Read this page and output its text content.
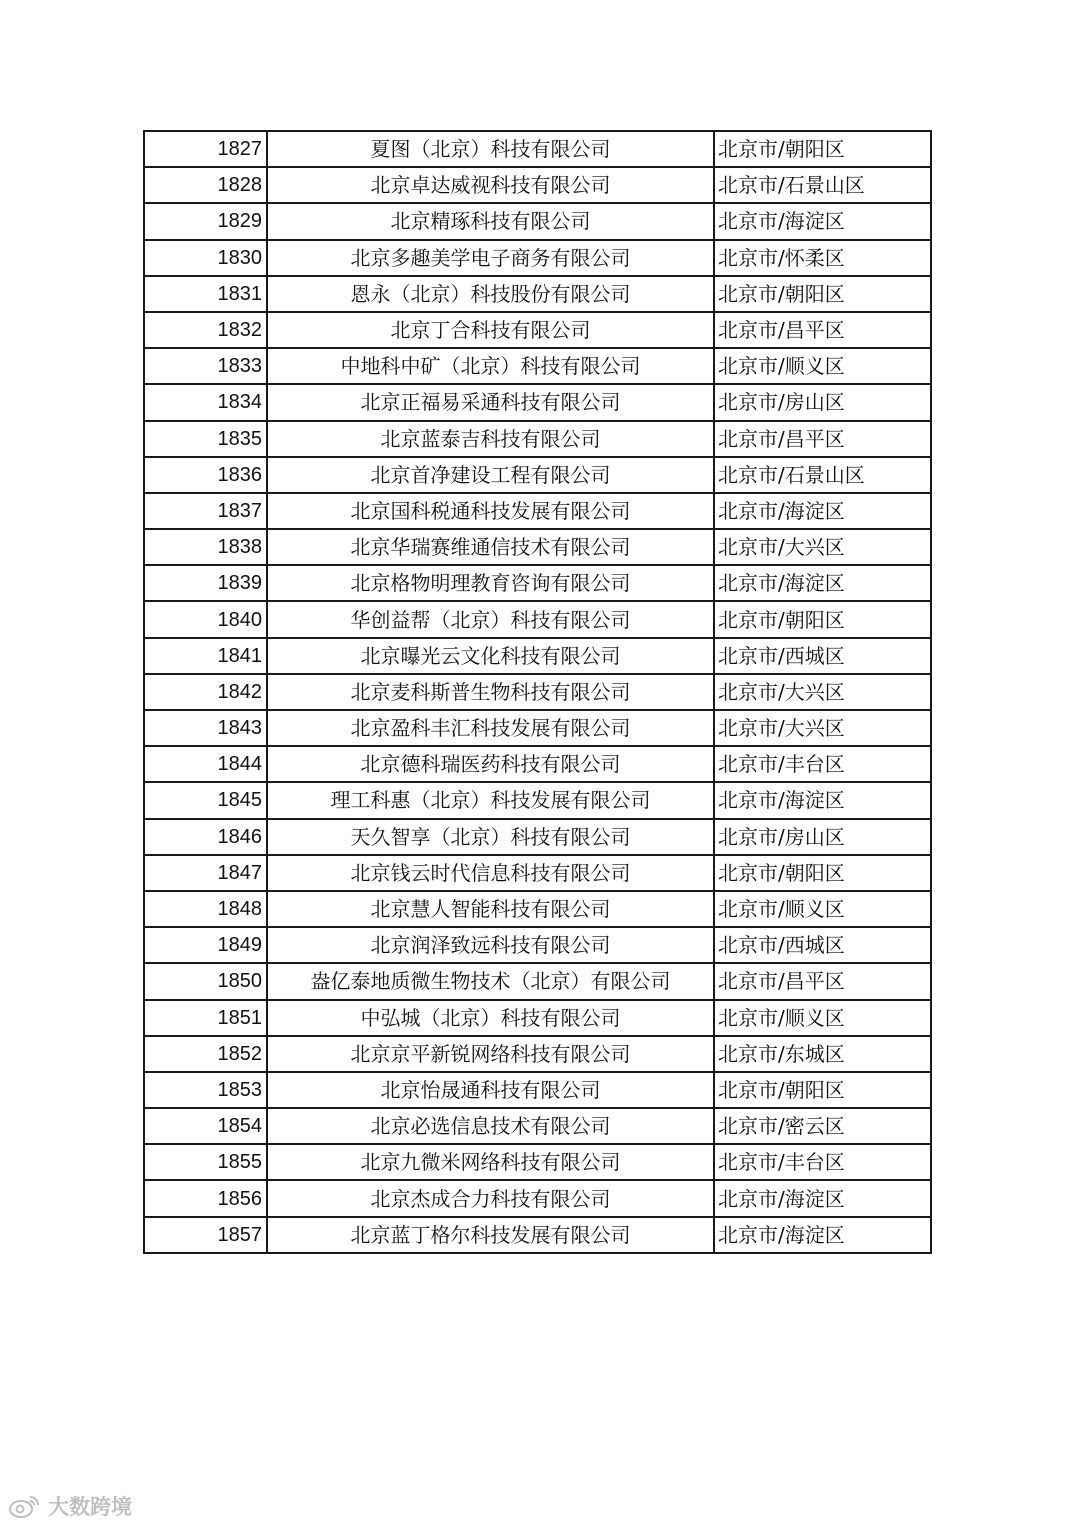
1827	夏图（北京）科技有限公司	北京市/朝阳区
1828	北京卓达威视科技有限公司	北京市/石景山区
1829	北京精琢科技有限公司	北京市/海淀区
1830	北京多趣美学电子商务有限公司	北京市/怀柔区
1831	恩永（北京）科技股份有限公司	北京市/朝阳区
1832	北京丁合科技有限公司	北京市/昌平区
1833	中地科中矿（北京）科技有限公司	北京市/顺义区
1834	北京正福易采通科技有限公司	北京市/房山区
1835	北京蓝泰吉科技有限公司	北京市/昌平区
1836	北京首净建设工程有限公司	北京市/石景山区
1837	北京国科税通科技发展有限公司	北京市/海淀区
1838	北京华瑞赛维通信技术有限公司	北京市/大兴区
1839	北京格物明理教育咨询有限公司	北京市/海淀区
1840	华创益帮（北京）科技有限公司	北京市/朝阳区
1841	北京曝光云文化科技有限公司	北京市/西城区
1842	北京麦科斯普生物科技有限公司	北京市/大兴区
1843	北京盈科丰汇科技发展有限公司	北京市/大兴区
1844	北京德科瑞医药科技有限公司	北京市/丰台区
1845	理工科惠（北京）科技发展有限公司	北京市/海淀区
1846	天久智享（北京）科技有限公司	北京市/房山区
1847	北京钱云时代信息科技有限公司	北京市/朝阳区
1848	北京慧人智能科技有限公司	北京市/顺义区
1849	北京润泽致远科技有限公司	北京市/西城区
1850	盎亿泰地质微生物技术（北京）有限公司	北京市/昌平区
1851	中弘城（北京）科技有限公司	北京市/顺义区
1852	北京京平新锐网络科技有限公司	北京市/东城区
1853	北京怡晟通科技有限公司	北京市/朝阳区
1854	北京必选信息技术有限公司	北京市/密云区
1855	北京九微米网络科技有限公司	北京市/丰台区
1856	北京杰成合力科技有限公司	北京市/海淀区
1857	北京蓝丁格尔科技发展有限公司	北京市/海淀区
大数跨境
